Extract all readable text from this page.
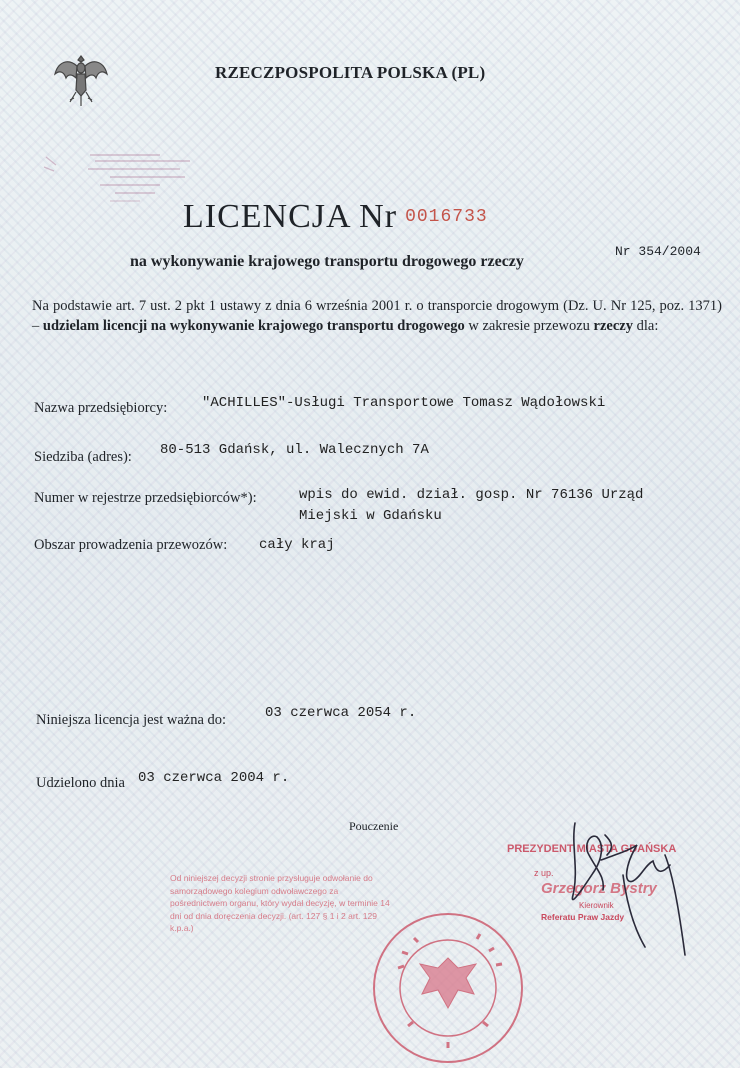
RZECZPOSPOLITA POLSKA (PL)
LICENCJA Nr 0016733
na wykonywanie krajowego transportu drogowego rzeczy
Nr 354/2004
Na podstawie art. 7 ust. 2 pkt 1 ustawy z dnia 6 września 2001 r. o transporcie drogowym (Dz. U. Nr 125, poz. 1371) – udzielam licencji na wykonywanie krajowego transportu drogowego w zakresie przewozu rzeczy dla:
Nazwa przedsiębiorcy: "ACHILLES"-Usługi Transportowe Tomasz Wądołowski
Siedziba (adres): 80-513 Gdańsk, ul. Walecznych 7A
Numer w rejestrze przedsiębiorców*):	wpis do ewid. dział. gosp. Nr 76136 Urząd
Miejski w Gdańsku
Obszar prowadzenia przewozów: cały kraj
Niniejsza licencja jest ważna do:	03 czerwca 2054 r.
Udzielono dnia 03 czerwca 2004 r.
Pouczenie
Od niniejszej decyzji stronie przysługuje odwołanie do samorządowego kolegium odwoławczego za pośrednictwem organu, który wydał decyzję, w terminie 14 dni od dnia doręczenia decyzji. (art. 127 § 1 i 2 art. 129 k.p.a.)
PREZYDENT MIASTA GDAŃSKA
z up.
Grzegorz Bystry
Kierownik
Referatu Praw Jazdy
